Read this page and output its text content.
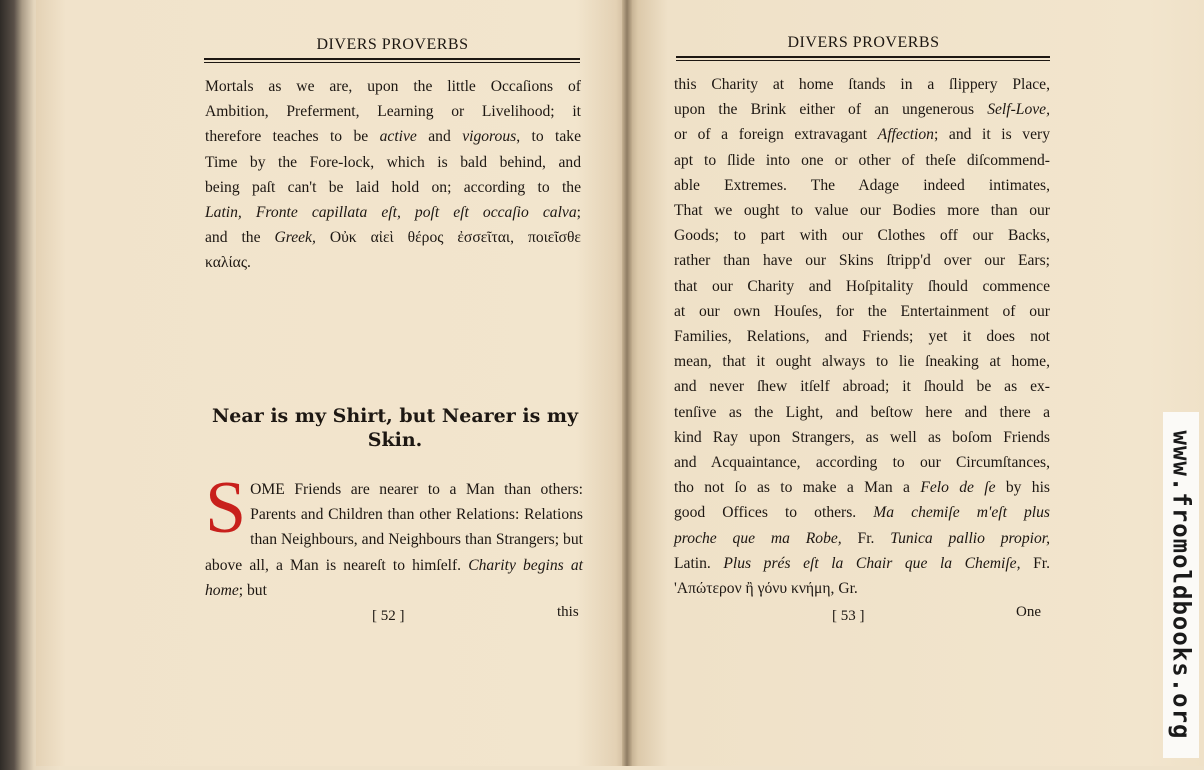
DIVERS PROVERBS
Mortals as we are, upon the little Occaſions of
Ambition, Preferment, Learning or Livelihood; it
therefore teaches to be active and vigorous, to take
Time by the Fore-lock, which is bald behind, and
being paſt can't be laid hold on; according to the
Latin, Fronte capillata eſt, poſt eſt occaſio calva;
and the Greek, Οὐκ αἰεὶ θέρος ἐσσεῖται, ποιεῖσθε
καλίας.
Near is my Shirt, but Nearer is my Skin.

SOME Friends are nearer to a Man than others: Parents and Children than other Relations: Relations than Neighbours, and Neighbours than Strangers; but above all, a Man is neareſt to himſelf. Charity begins at home; but

[ 52 ]	this
DIVERS PROVERBS
this Charity at home ſtands in a ſlippery Place,
upon the Brink either of an ungenerous Self-Love,
or of a foreign extravagant Affection; and it is very
apt to ſlide into one or other of theſe diſcommend-
able Extremes. The Adage indeed intimates,
That we ought to value our Bodies more than our
Goods; to part with our Clothes off our Backs,
rather than have our Skins ſtripp'd over our Ears;
that our Charity and Hoſpitality ſhould commence
at our own Houſes, for the Entertainment of our
Families, Relations, and Friends; yet it does not
mean, that it ought always to lie ſneaking at home,
and never ſhew itſelf abroad; it ſhould be as ex-
tenſive as the Light, and beſtow here and there a
kind Ray upon Strangers, as well as boſom Friends
and Acquaintance, according to our Circumſtances,
tho not ſo as to make a Man a Felo de ſe by his
good Offices to others. Ma chemiſe m'eſt plus
proche que ma Robe, Fr. Tunica pallio propior,
Latin. Plus prés eſt la Chair que la Chemiſe, Fr.
'Απώτερον ἢ γόνυ κνήμη, Gr.
[ 53 ]	One	www.fromoldbooks.org
